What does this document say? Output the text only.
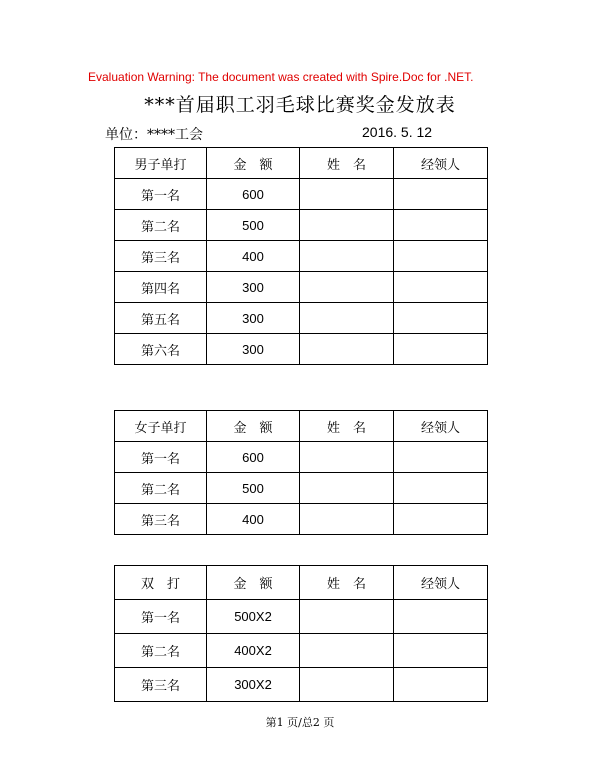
Evaluation Warning: The document was created with Spire.Doc for .NET.
***首届职工羽毛球比赛奖金发放表
单位：****工会	2016. 5. 12
男子单打	金　额	姓　名	经领人
第一名	600		
第二名	500		
第三名	400		
第四名	300		
第五名	300		
第六名	300		
女子单打	金　额	姓　名	经领人
第一名	600		
第二名	500		
第三名	400		
双　打	金　额	姓　名	经领人
第一名	500X2		
第二名	400X2		
第三名	300X2		
第1 页/总2 页
